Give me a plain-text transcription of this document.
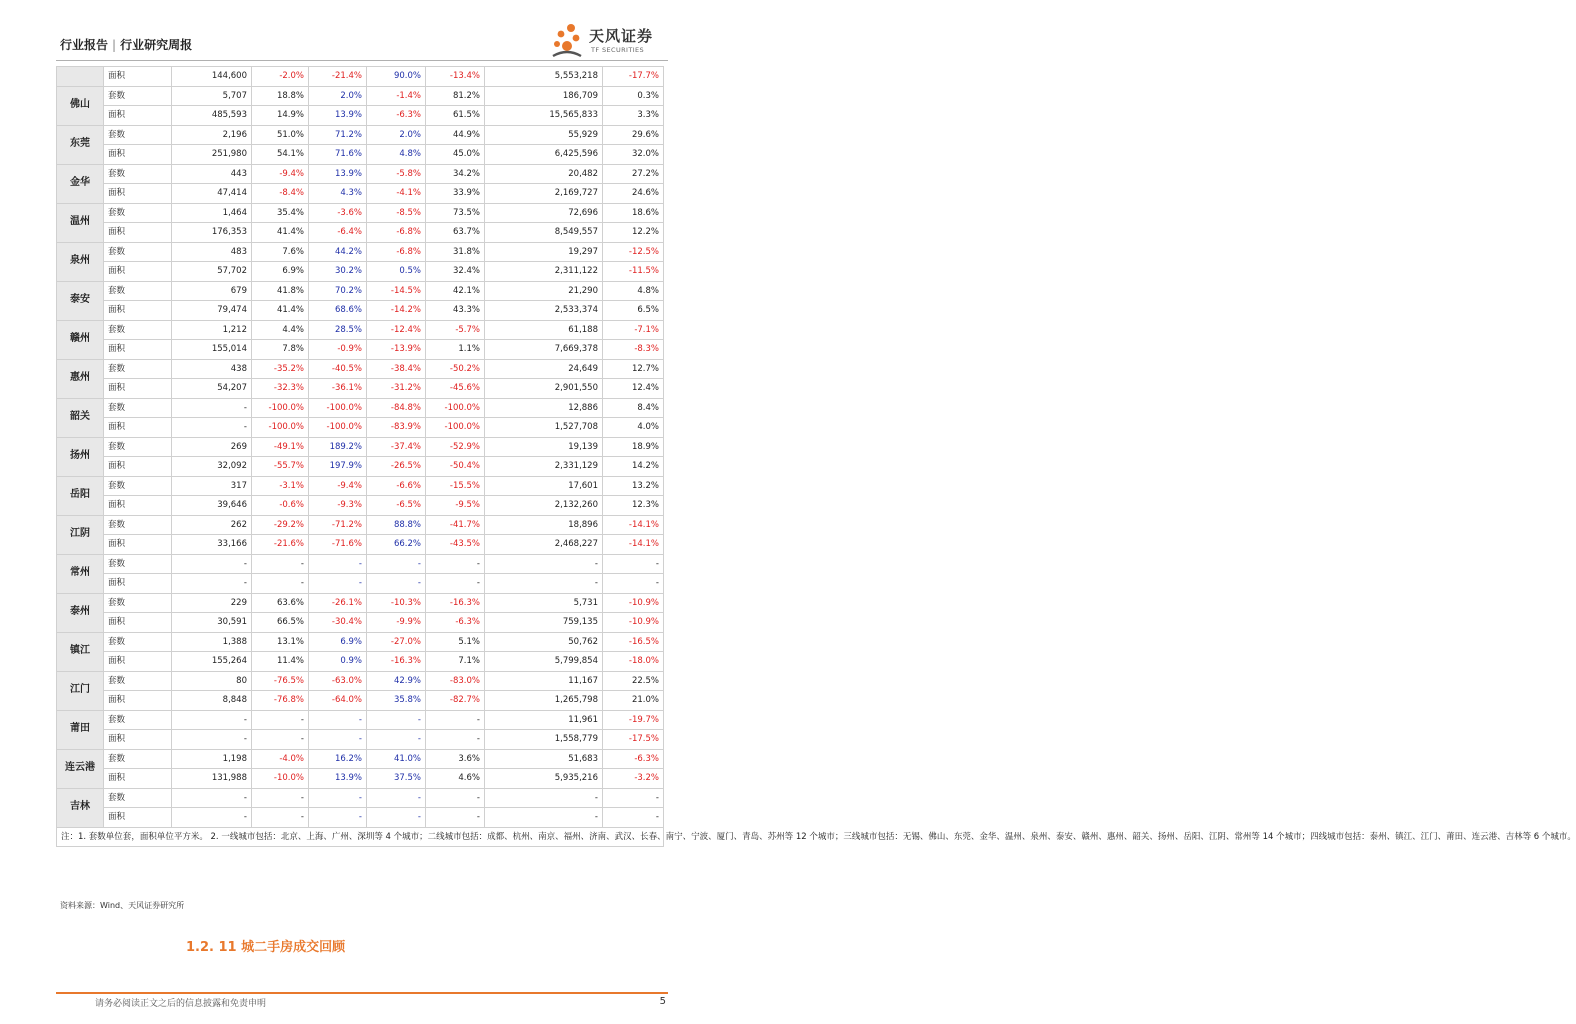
行业报告 | 行业研究周报	天风证券
TF SECURITIES
	面积	144,600	-2.0%	-21.4%	90.0%	-13.4%	5,553,218	-17.7%
佛山	套数	5,707	18.8%	2.0%	-1.4%	81.2%	186,709	0.3%
	面积	485,593	14.9%	13.9%	-6.3%	61.5%	15,565,833	3.3%
东莞	套数	2,196	51.0%	71.2%	2.0%	44.9%	55,929	29.6%
	面积	251,980	54.1%	71.6%	4.8%	45.0%	6,425,596	32.0%
金华	套数	443	-9.4%	13.9%	-5.8%	34.2%	20,482	27.2%
	面积	47,414	-8.4%	4.3%	-4.1%	33.9%	2,169,727	24.6%
温州	套数	1,464	35.4%	-3.6%	-8.5%	73.5%	72,696	18.6%
	面积	176,353	41.4%	-6.4%	-6.8%	63.7%	8,549,557	12.2%
泉州	套数	483	7.6%	44.2%	-6.8%	31.8%	19,297	-12.5%
	面积	57,702	6.9%	30.2%	0.5%	32.4%	2,311,122	-11.5%
泰安	套数	679	41.8%	70.2%	-14.5%	42.1%	21,290	4.8%
	面积	79,474	41.4%	68.6%	-14.2%	43.3%	2,533,374	6.5%
赣州	套数	1,212	4.4%	28.5%	-12.4%	-5.7%	61,188	-7.1%
	面积	155,014	7.8%	-0.9%	-13.9%	1.1%	7,669,378	-8.3%
惠州	套数	438	-35.2%	-40.5%	-38.4%	-50.2%	24,649	12.7%
	面积	54,207	-32.3%	-36.1%	-31.2%	-45.6%	2,901,550	12.4%
韶关	套数	-	-100.0%	-100.0%	-84.8%	-100.0%	12,886	8.4%
	面积	-	-100.0%	-100.0%	-83.9%	-100.0%	1,527,708	4.0%
扬州	套数	269	-49.1%	189.2%	-37.4%	-52.9%	19,139	18.9%
	面积	32,092	-55.7%	197.9%	-26.5%	-50.4%	2,331,129	14.2%
岳阳	套数	317	-3.1%	-9.4%	-6.6%	-15.5%	17,601	13.2%
	面积	39,646	-0.6%	-9.3%	-6.5%	-9.5%	2,132,260	12.3%
江阴	套数	262	-29.2%	-71.2%	88.8%	-41.7%	18,896	-14.1%
	面积	33,166	-21.6%	-71.6%	66.2%	-43.5%	2,468,227	-14.1%
常州	套数	-	-	-	-	-	-	-
	面积	-	-	-	-	-	-	-
泰州	套数	229	63.6%	-26.1%	-10.3%	-16.3%	5,731	-10.9%
	面积	30,591	66.5%	-30.4%	-9.9%	-6.3%	759,135	-10.9%
镇江	套数	1,388	13.1%	6.9%	-27.0%	5.1%	50,762	-16.5%
	面积	155,264	11.4%	0.9%	-16.3%	7.1%	5,799,854	-18.0%
江门	套数	80	-76.5%	-63.0%	42.9%	-83.0%	11,167	22.5%
	面积	8,848	-76.8%	-64.0%	35.8%	-82.7%	1,265,798	21.0%
莆田	套数	-	-	-	-	-	11,961	-19.7%
	面积	-	-	-	-	-	1,558,779	-17.5%
连云港	套数	1,198	-4.0%	16.2%	41.0%	3.6%	51,683	-6.3%
	面积	131,988	-10.0%	13.9%	37.5%	4.6%	5,935,216	-3.2%
吉林	套数	-	-	-	-	-	-	-
	面积	-	-	-	-	-	-	-
注：1. 套数单位套，面积单位平方米。 2. 一线城市包括：北京、上海、广州、深圳等 4 个城市；二线城市包括：成都、杭州、南京、福州、济南、武汉、长春、南宁、宁波、厦门、青岛、苏州等 12 个城市；三线城市包括：无锡、佛山、东莞、金华、温州、泉州、泰安、赣州、惠州、韶关、扬州、岳阳、江阴、常州等 14 个城市；四线城市包括：泰州、镇江、江门、莆田、连云港、吉林等 6 个城市。								
资料来源：Wind、天风证券研究所
1.2. 11 城二手房成交回顾
请务必阅读正文之后的信息披露和免责申明	5
